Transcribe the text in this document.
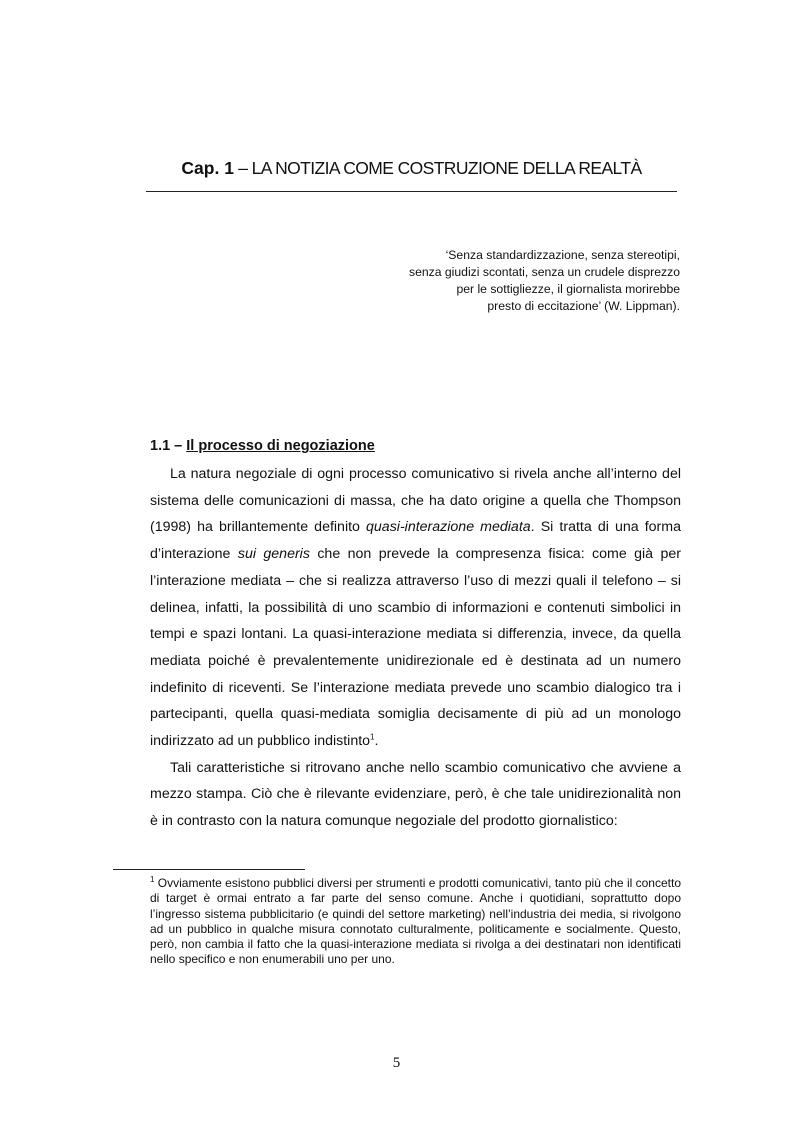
Cap. 1 – LA NOTIZIA COME COSTRUZIONE DELLA REALTÀ
‘Senza standardizzazione, senza stereotipi,
senza giudizi scontati, senza un crudele disprezzo
per le sottigliezze, il giornalista morirebbe
presto di eccitazione’ (W. Lippman).
1.1 – Il processo di negoziazione

La natura negoziale di ogni processo comunicativo si rivela anche all’interno del sistema delle comunicazioni di massa, che ha dato origine a quella che Thompson (1998) ha brillantemente definito quasi-interazione mediata. Si tratta di una forma d’interazione sui generis che non prevede la compresenza fisica: come già per l’interazione mediata – che si realizza attraverso l’uso di mezzi quali il telefono – si delinea, infatti, la possibilità di uno scambio di informazioni e contenuti simbolici in tempi e spazi lontani. La quasi-interazione mediata si differenzia, invece, da quella mediata poiché è prevalentemente unidirezionale ed è destinata ad un numero indefinito di riceventi. Se l’interazione mediata prevede uno scambio dialogico tra i partecipanti, quella quasi-mediata somiglia decisamente di più ad un monologo indirizzato ad un pubblico indistinto$^1$.

Tali caratteristiche si ritrovano anche nello scambio comunicativo che avviene a mezzo stampa. Ciò che è rilevante evidenziare, però, è che tale unidirezionalità non è in contrasto con la natura comunque negoziale del prodotto giornalistico:

$^1$ Ovviamente esistono pubblici diversi per strumenti e prodotti comunicativi, tanto più che il concetto di target è ormai entrato a far parte del senso comune. Anche i quotidiani, soprattutto dopo l’ingresso sistema pubblicitario (e quindi del settore marketing) nell’industria dei media, si rivolgono ad un pubblico in qualche misura connotato culturalmente, politicamente e socialmente. Questo, però, non cambia il fatto che la quasi-interazione mediata si rivolga a dei destinatari non identificati nello specifico e non enumerabili uno per uno.
5
